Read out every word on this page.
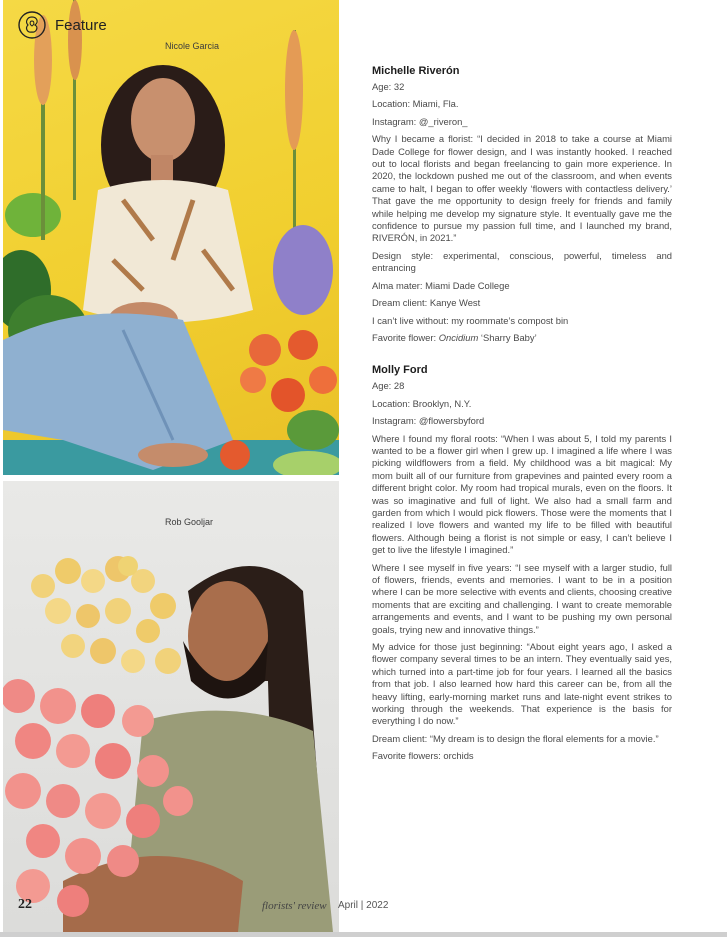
Nicole Garcia
Rob Gooljar
Feature
Michelle Riverón
Age: 32
Location: Miami, Fla.
Instagram: @_riveron_
Why I became a florist: “I decided in 2018 to take a course at Miami Dade College for flower design, and I was instantly hooked. I reached out to local florists and began freelancing to gain more experience. In 2020, the lockdown pushed me out of the classroom, and when events came to halt, I began to offer weekly ‘flowers with contactless delivery.’ That gave the me opportunity to design freely for friends and family while helping me develop my signature style. It eventually gave me the confidence to pursue my passion full time, and I launched my brand, RIVERÓN, in 2021.”
Design style: experimental, conscious, powerful, timeless and entrancing
Alma mater: Miami Dade College
Dream client: Kanye West
I can’t live without: my roommate’s compost bin
Favorite flower: Oncidium ‘Sharry Baby’
Molly Ford
Age: 28
Location: Brooklyn, N.Y.
Instagram: @flowersbyford
Where I found my floral roots: “When I was about 5, I told my parents I wanted to be a flower girl when I grew up. I imagined a life where I was picking wildflowers from a field. My childhood was a bit magical: My mom built all of our furniture from grapevines and painted every room a different bright color. My room had tropical murals, even on the floors. It was so imaginative and full of light. We also had a small farm and garden from which I would pick flowers. Those were the moments that I realized I love flowers and wanted my life to be filled with beautiful flowers. Although being a florist is not simple or easy, I can’t believe I get to live the lifestyle I imagined.”
Where I see myself in five years: “I see myself with a larger studio, full of flowers, friends, events and memories. I want to be in a position where I can be more selective with events and clients, choosing creative moments that are exciting and challenging. I want to create memorable arrangements and events, and I want to be pushing my own personal goals, trying new and innovative things.”
My advice for those just beginning: “About eight years ago, I asked a flower company several times to be an intern. They eventually said yes, which turned into a part-time job for four years. I learned all the basics from that job. I also learned how hard this career can be, from all the heavy lifting, early-morning market runs and late-night event strikes to working through the weekends. That experience is the basis for everything I do now.”
Dream client: “My dream is to design the floral elements for a movie.”
Favorite flowers: orchids
22	florists' review April | 2022
